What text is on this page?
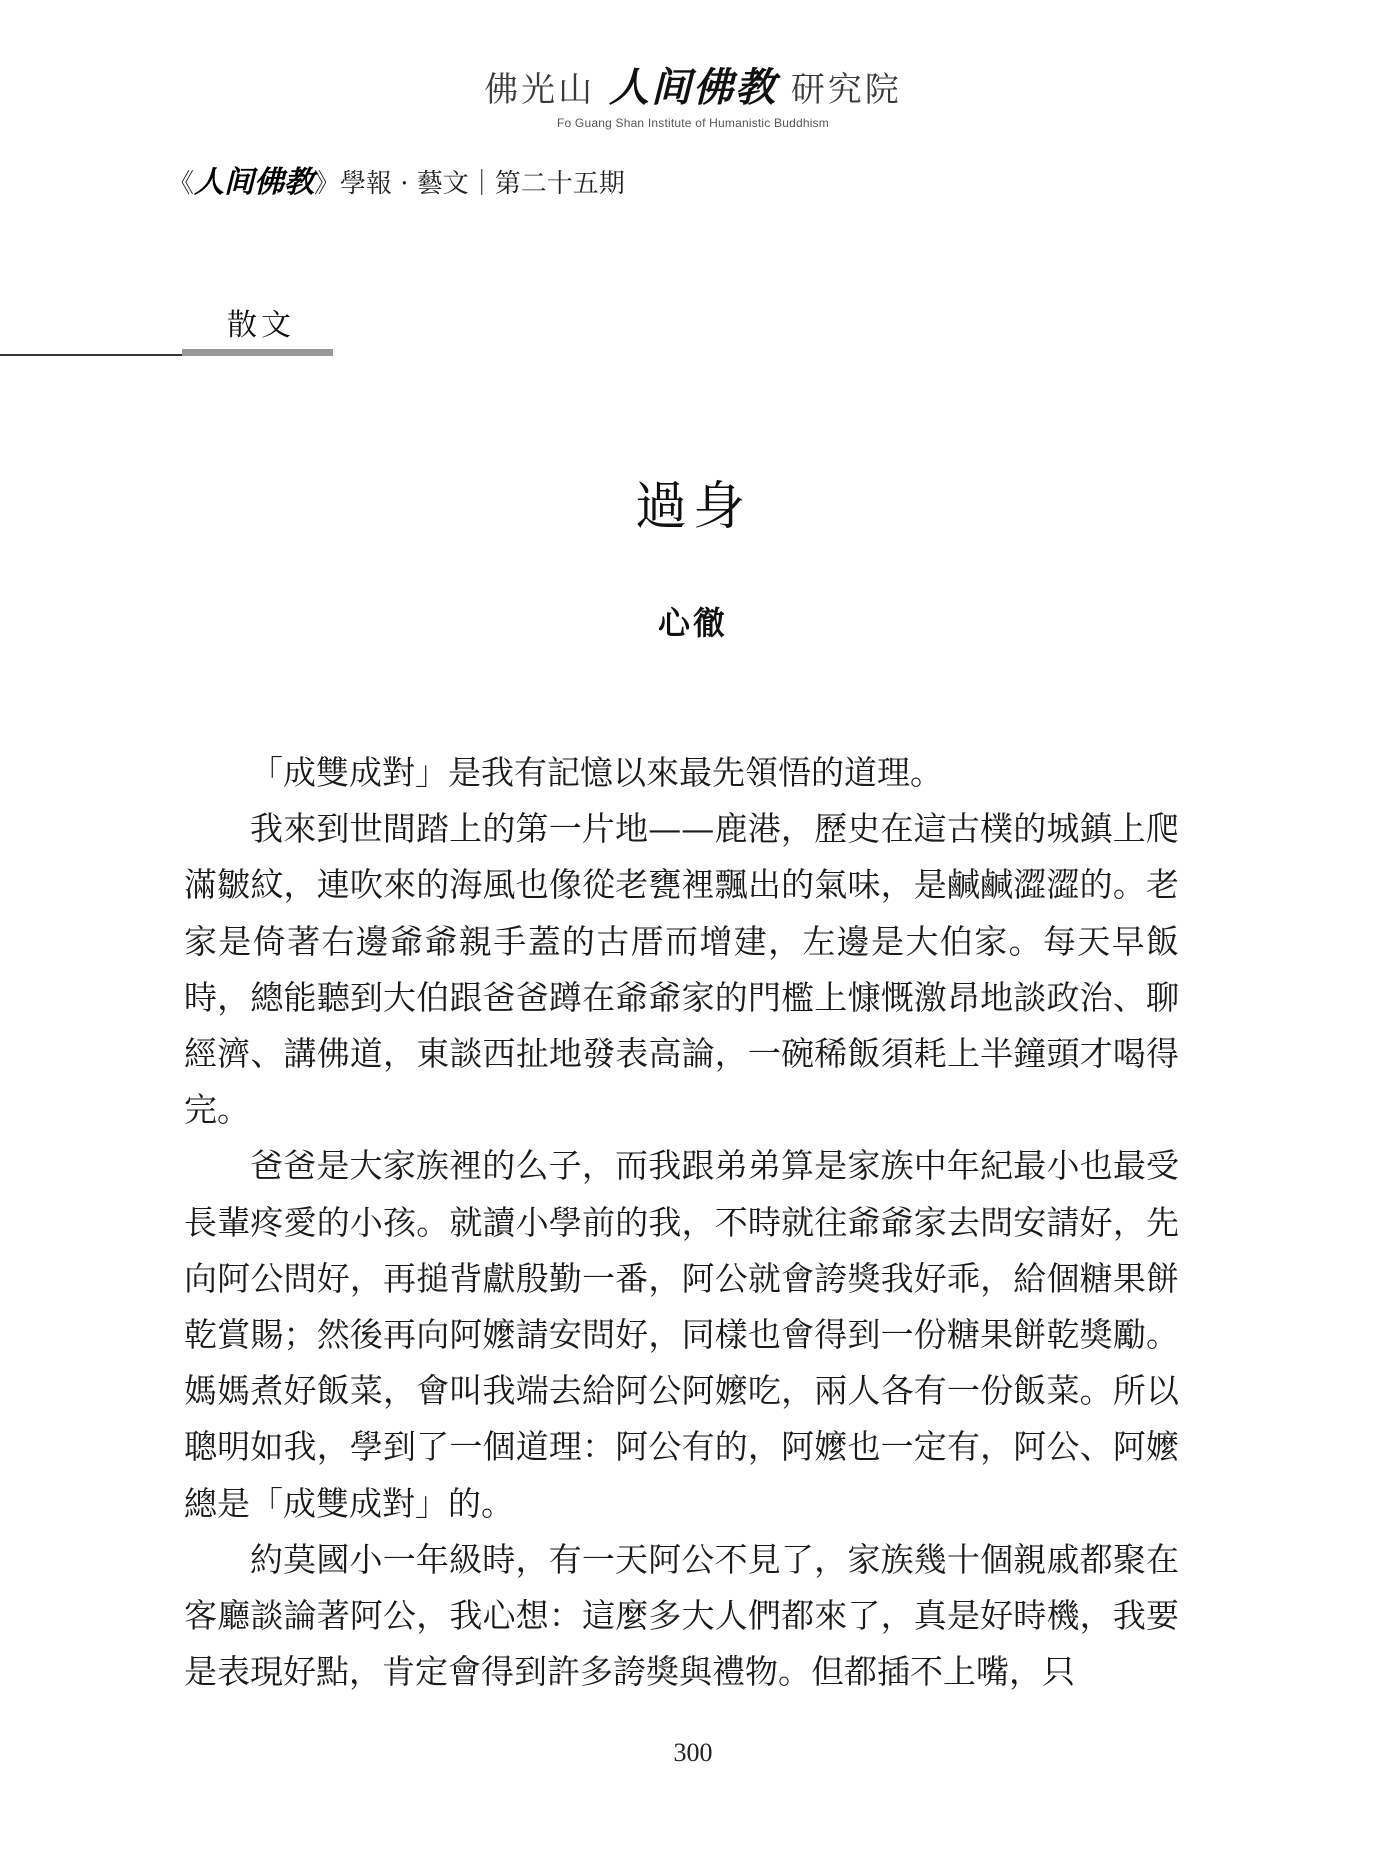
佛光山 人间佛教 研究院
Fo Guang Shan Institute of Humanistic Buddhism
《人间佛教》學報 · 藝文｜第二十五期
散文
過身
心徹

「成雙成對」是我有記憶以來最先領悟的道理。

我來到世間踏上的第一片地——鹿港，歷史在這古樸的城鎮上爬滿皺紋，連吹來的海風也像從老甕裡飄出的氣味，是鹹鹹澀澀的。老家是倚著右邊爺爺親手蓋的古厝而增建，左邊是大伯家。每天早飯時，總能聽到大伯跟爸爸蹲在爺爺家的門檻上慷慨激昂地談政治、聊經濟、講佛道，東談西扯地發表高論，一碗稀飯須耗上半鐘頭才喝得完。

爸爸是大家族裡的么子，而我跟弟弟算是家族中年紀最小也最受長輩疼愛的小孩。就讀小學前的我，不時就往爺爺家去問安請好，先向阿公問好，再搥背獻殷勤一番，阿公就會誇獎我好乖，給個糖果餅乾賞賜；然後再向阿嬤請安問好，同樣也會得到一份糖果餅乾獎勵。媽媽煮好飯菜，會叫我端去給阿公阿嬤吃，兩人各有一份飯菜。所以聰明如我，學到了一個道理：阿公有的，阿嬤也一定有，阿公、阿嬤總是「成雙成對」的。

約莫國小一年級時，有一天阿公不見了，家族幾十個親戚都聚在客廳談論著阿公，我心想：這麼多大人們都來了，真是好時機，我要是表現好點，肯定會得到許多誇獎與禮物。但都插不上嘴，只

300
